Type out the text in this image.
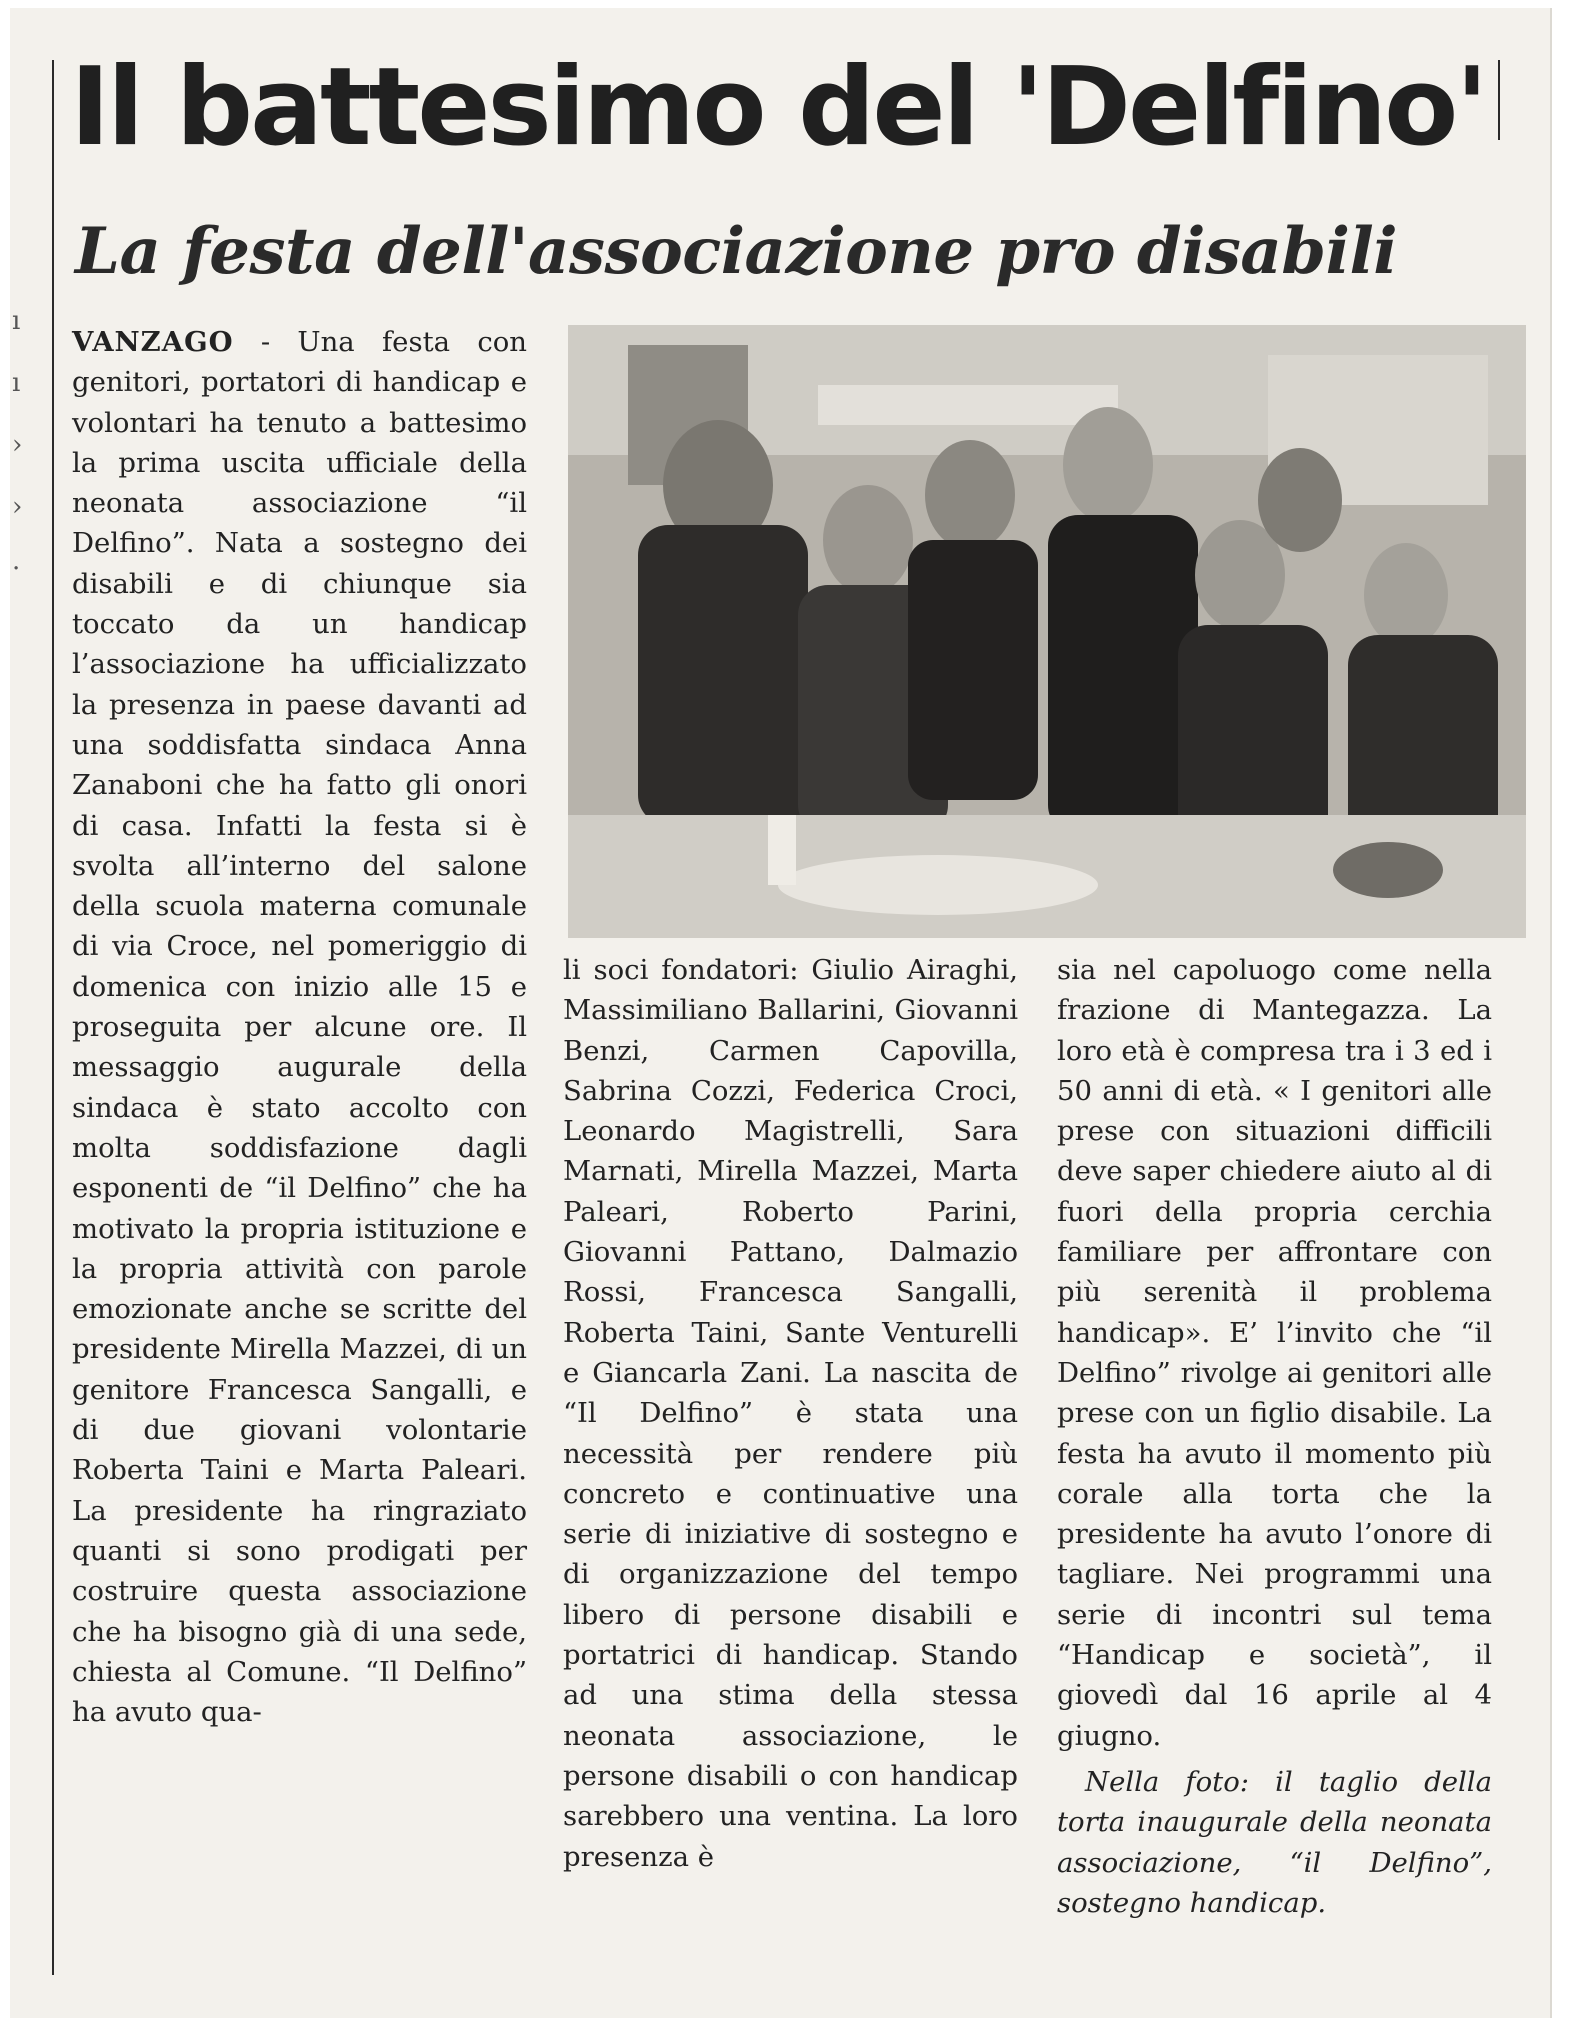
ı
ı
›
›
·
Il battesimo del 'Delfino'
La festa dell'associazione pro disabili

VANZAGO - Una festa con genitori, portatori di handicap e volontari ha tenuto a battesimo la prima uscita ufficiale della neonata associazione “il Delfino”. Nata a sostegno dei disabili e di chiunque sia toccato da un handicap l’associazione ha ufficializzato la presenza in paese davanti ad una soddisfatta sindaca Anna Zanaboni che ha fatto gli onori di casa. Infatti la festa si è svolta all’interno del salone della scuola materna comunale di via Croce, nel pomeriggio di domenica con inizio alle 15 e proseguita per alcune ore. Il messaggio augurale della sindaca è stato accolto con molta soddisfazione dagli esponenti de “il Delfino” che ha motivato la propria istituzione e la propria attività con parole emozionate anche se scritte del presidente Mirella Mazzei, di un genitore Francesca Sangalli, e di due giovani volontarie Roberta Taini e Marta Paleari. La presidente ha ringraziato quanti si sono prodigati per costruire questa associazione che ha bisogno già di una sede, chiesta al Comune. “Il Delfino” ha avuto qua-

li soci fondatori: Giulio Airaghi, Massimiliano Ballarini, Giovanni Benzi, Carmen Capovilla, Sabrina Cozzi, Federica Croci, Leonardo Magistrelli, Sara Marnati, Mirella Mazzei, Marta Paleari, Roberto Parini, Giovanni Pattano, Dalmazio Rossi, Francesca Sangalli, Roberta Taini, Sante Venturelli e Giancarla Zani. La nascita de “Il Delfino” è stata una necessità per rendere più concreto e continuative una serie di iniziative di sostegno e di organizzazione del tempo libero di persone disabili e portatrici di handicap. Stando ad una stima della stessa neonata associazione, le persone disabili o con handicap sarebbero una ventina. La loro presenza è

sia nel capoluogo come nella frazione di Mantegazza. La loro età è compresa tra i 3 ed i 50 anni di età. « I genitori alle prese con situazioni difficili deve saper chiedere aiuto al di fuori della propria cerchia familiare per affrontare con più serenità il problema handicap». E’ l’invito che “il Delfino” rivolge ai genitori alle prese con un figlio disabile. La festa ha avuto il momento più corale alla torta che la presidente ha avuto l’onore di tagliare. Nei programmi una serie di incontri sul tema “Handicap e società”, il giovedì dal 16 aprile al 4 giugno.

Nella foto: il taglio della torta inaugurale della neonata associazione, “il Delfino”, sostegno handicap.
